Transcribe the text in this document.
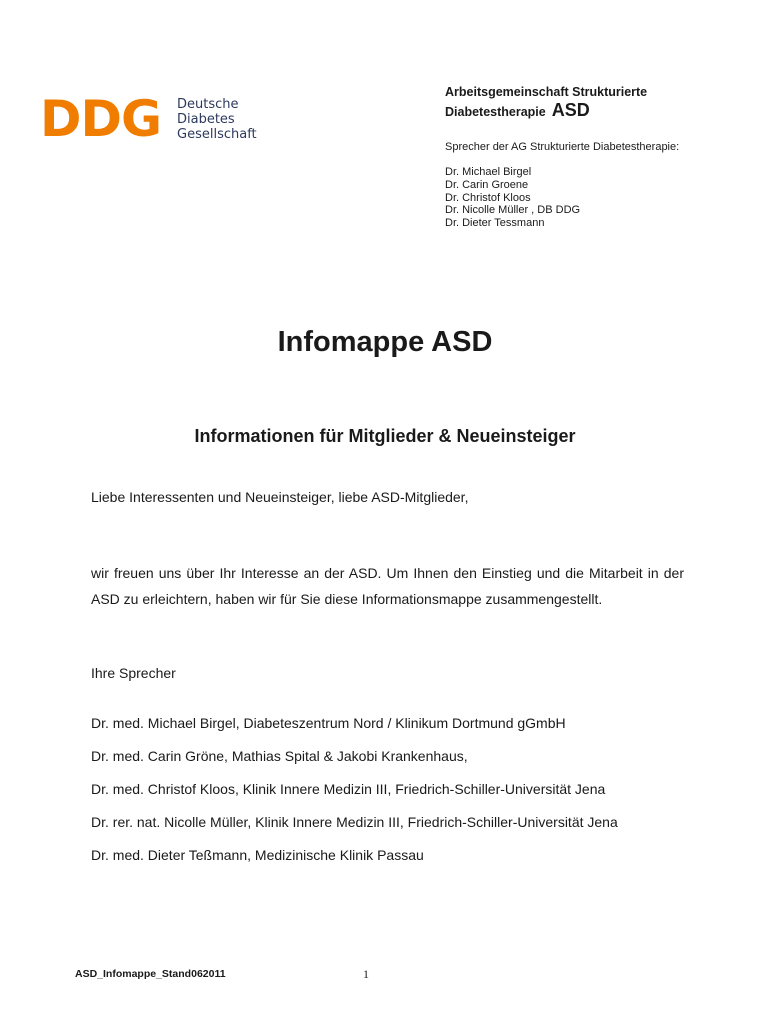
DDG Deutsche
Diabetes
Gesellschaft
Arbeitsgemeinschaft Strukturierte
Diabetestherapie ASD
Sprecher der AG Strukturierte Diabetestherapie:
Dr. Michael Birgel
Dr. Carin Groene
Dr. Christof Kloos
Dr. Nicolle Müller , DB DDG
Dr. Dieter Tessmann
Infomappe ASD
Informationen für Mitglieder & Neueinsteiger
Liebe Interessenten und Neueinsteiger, liebe ASD-Mitglieder,
wir freuen uns über Ihr Interesse an der ASD. Um Ihnen den Einstieg und die Mitarbeit in der ASD zu erleichtern, haben wir für Sie diese Informationsmappe zusammengestellt.
Ihre Sprecher
Dr. med. Michael Birgel, Diabeteszentrum Nord / Klinikum Dortmund gGmbH
Dr. med. Carin Gröne, Mathias Spital & Jakobi Krankenhaus,
Dr. med. Christof Kloos, Klinik Innere Medizin III, Friedrich-Schiller-Universität Jena
Dr. rer. nat. Nicolle Müller, Klinik Innere Medizin III, Friedrich-Schiller-Universität Jena
Dr. med. Dieter Teßmann, Medizinische Klinik Passau
ASD_Infomappe_Stand062011	1
